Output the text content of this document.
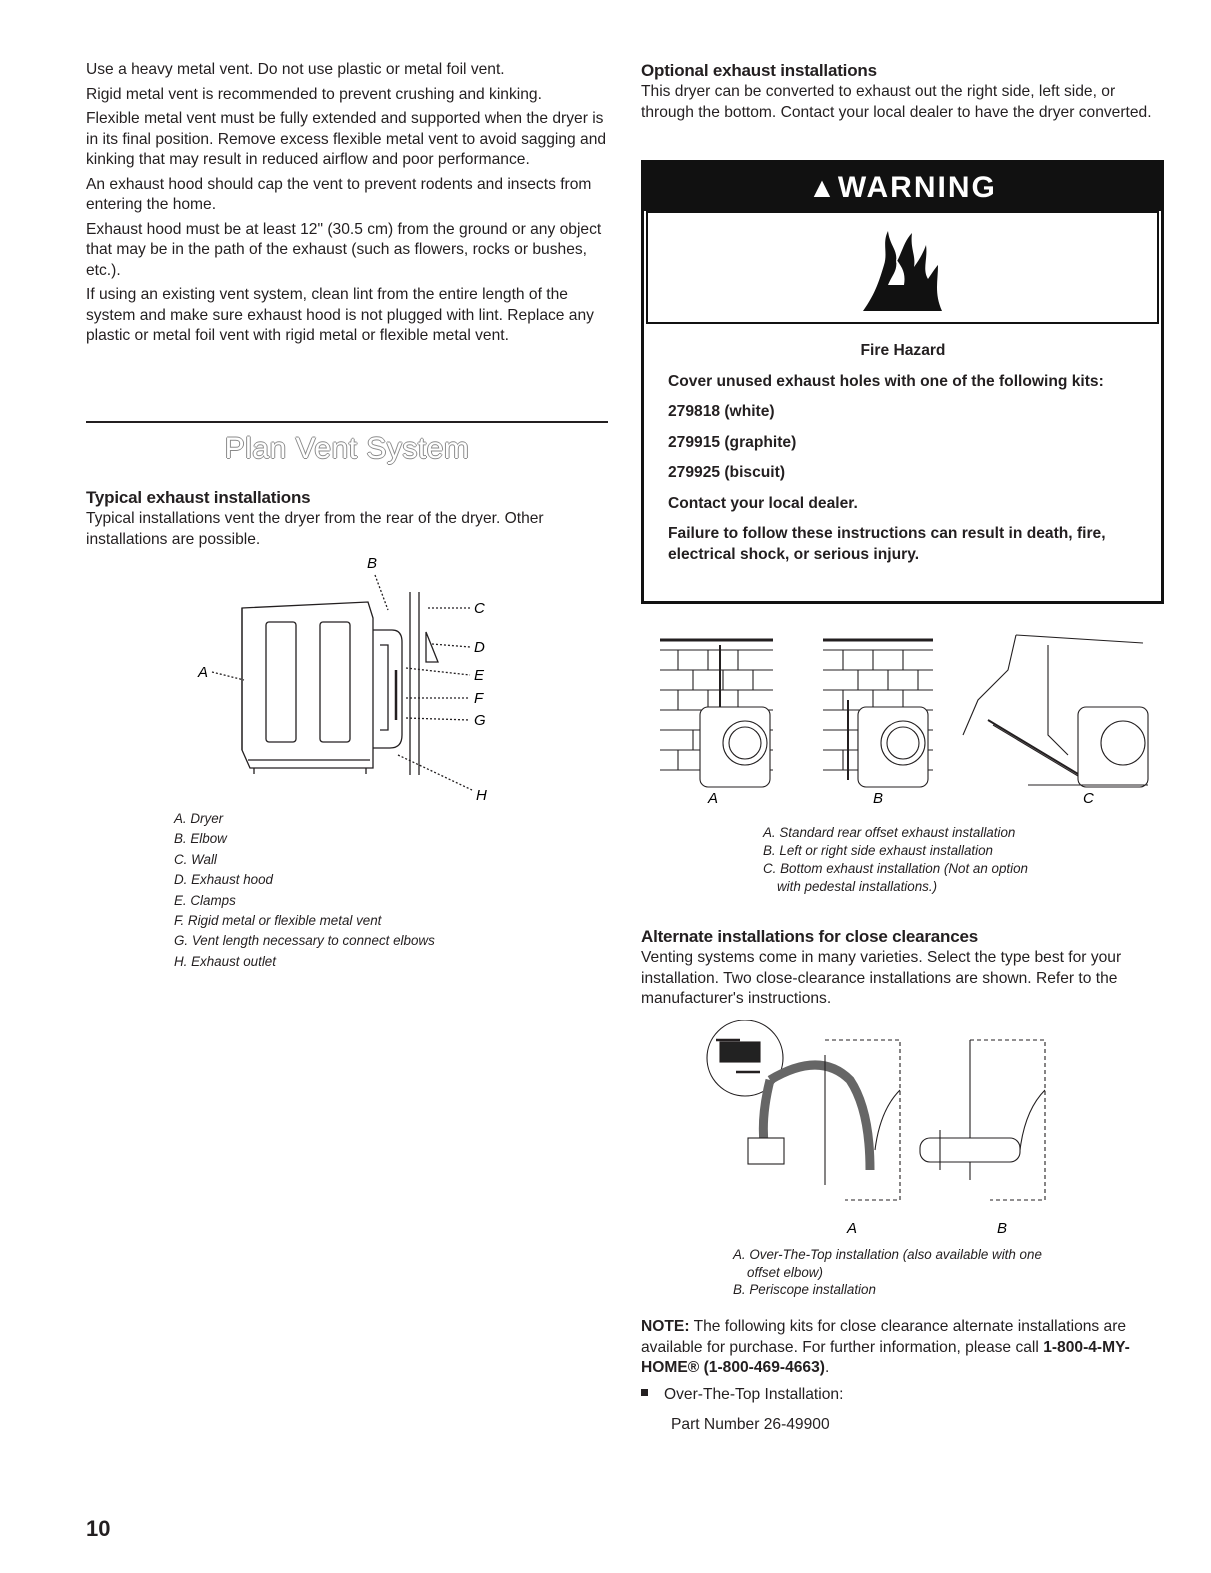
Use a heavy metal vent. Do not use plastic or metal foil vent.

Rigid metal vent is recommended to prevent crushing and kinking.

Flexible metal vent must be fully extended and supported when the dryer is in its final position. Remove excess flexible metal vent to avoid sagging and kinking that may result in reduced airflow and poor performance.

An exhaust hood should cap the vent to prevent rodents and insects from entering the home.

Exhaust hood must be at least 12" (30.5 cm) from the ground or any object that may be in the path of the exhaust (such as flowers, rocks or bushes, etc.).

If using an existing vent system, clean lint from the entire length of the system and make sure exhaust hood is not plugged with lint. Replace any plastic or metal foil vent with rigid metal or flexible metal vent.

Plan Vent System
Typical exhaust installations

Typical installations vent the dryer from the rear of the dryer. Other installations are possible.

B
C
D
E
F
G
H
A
A. Dryer
B. Elbow
C. Wall
D. Exhaust hood
E. Clamps
F. Rigid metal or flexible metal vent
G. Vent length necessary to connect elbows
H. Exhaust outlet
Optional exhaust installations

This dryer can be converted to exhaust out the right side, left side, or through the bottom. Contact your local dealer to have the dryer converted.

▲WARNING
Fire Hazard
Cover unused exhaust holes with one of the following kits:
279818 (white)
279915 (graphite)
279925 (biscuit)
Contact your local dealer.
Failure to follow these instructions can result in death, fire, electrical shock, or serious injury.
A	B	C
A. Standard rear offset exhaust installation
B. Left or right side exhaust installation
C. Bottom exhaust installation (Not an option
with pedestal installations.)
Alternate installations for close clearances

Venting systems come in many varieties. Select the type best for your installation. Two close-clearance installations are shown. Refer to the manufacturer's instructions.

A	B
A. Over-The-Top installation (also available with one
offset elbow)
B. Periscope installation

NOTE: The following kits for close clearance alternate installations are available for purchase. For further information, please call 1-800-4-MY-HOME® (1-800-469-4663).

Over-The-Top Installation:

Part Number 26-49900

10
